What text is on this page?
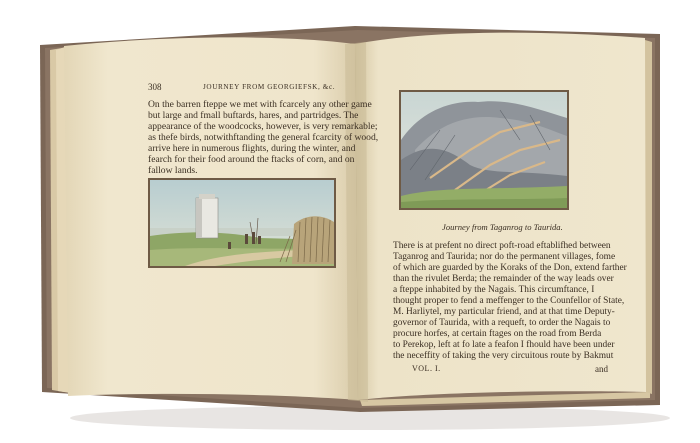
308	JOURNEY FROM GEORGIEFSK, &c.
On the barren fteppe we met with fcarcely any other game
but large and fmall buftards, hares, and partridges. The
appearance of the woodcocks, however, is very remarkable;
as thefe birds, notwithftanding the general fcarcity of wood,
arrive here in numerous flights, during the winter, and
fearch for their food around the ftacks of corn, and on
fallow lands.
Journey from Taganrog to Taurida.
There is at prefent no direct poft-road eftablifhed between
Taganrog and Taurida; nor do the permanent villages, fome
of which are guarded by the Koraks of the Don, extend farther
than the rivulet Berda; the remainder of the way leads over
a fteppe inhabited by the Nagais. This circumftance, I
thought proper to fend a meffenger to the Counfellor of State,
M. Harliytel, my particular friend, and at that time Deputy-
governor of Taurida, with a requeft, to order the Nagais to
procure horfes, at certain ftages on the road from Berda
to Perekop, left at fo late a feafon I fhould have been under
the neceffity of taking the very circuitous route by Bakmut
VOL. I.	and
